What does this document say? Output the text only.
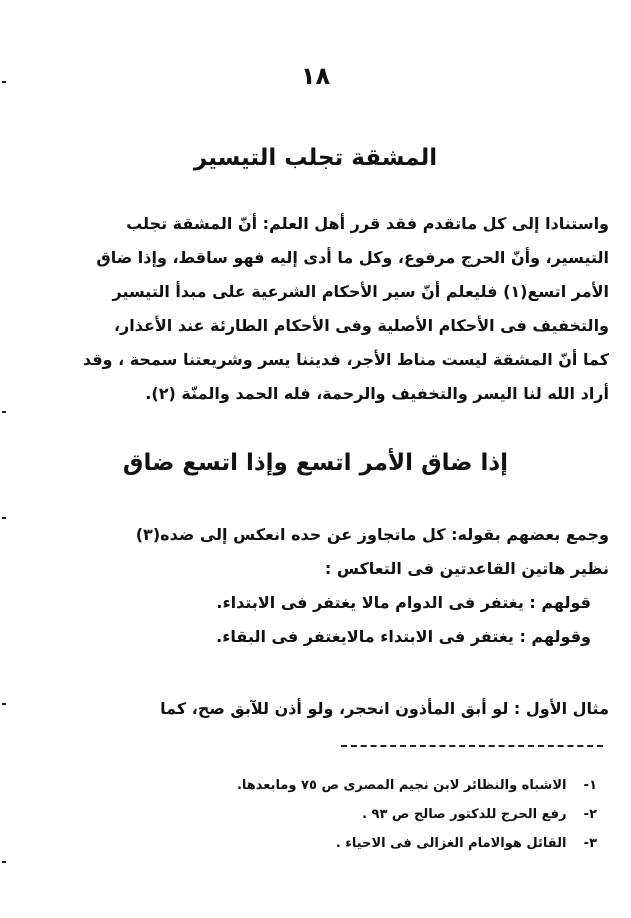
١٨
المشقة تجلب التيسير
واستنادا إلى كل ماتقدم فقد قرر أهل العلم: أنّ المشقة تجلب
التيسير، وأنّ الحرج مرفوع، وكل ما أدى إليه فهو ساقط، وإذا ضاق
الأمر اتسع(١) فليعلم أنّ سير الأحكام الشرعية على مبدأ التيسير
والتخفيف فى الأحكام الأصلية وفى الأحكام الطارئة عند الأعذار،
كما أنّ المشقة ليست مناط الأجر، فديننا يسر وشريعتنا سمحة ، وقد
أراد الله لنا اليسر والتخفيف والرحمة، فله الحمد والمنّة (٢).
إذا ضاق الأمر اتسع وإذا اتسع ضاق
وجمع بعضهم بقوله: كل ماتجاوز عن حده انعكس إلى ضده(٣)
نظير هاتين القاعدتين فى التعاكس :
قولهم : يغتفر فى الدوام مالا يغتفر فى الابتداء.
وقولهم : يغتفر فى الابتداء مالايغتفر فى البقاء.
مثال الأول : لو أبق المأذون انحجر، ولو أذن للآبق صح، كما
١- الاشباه والنظائر لابن نجيم المصرى ص ٧٥ ومابعدها.
٢- رفع الحرج للدكتور صالح ص ٩٣ .
٣- القائل هوالامام الغزالى فى الاحياء .
